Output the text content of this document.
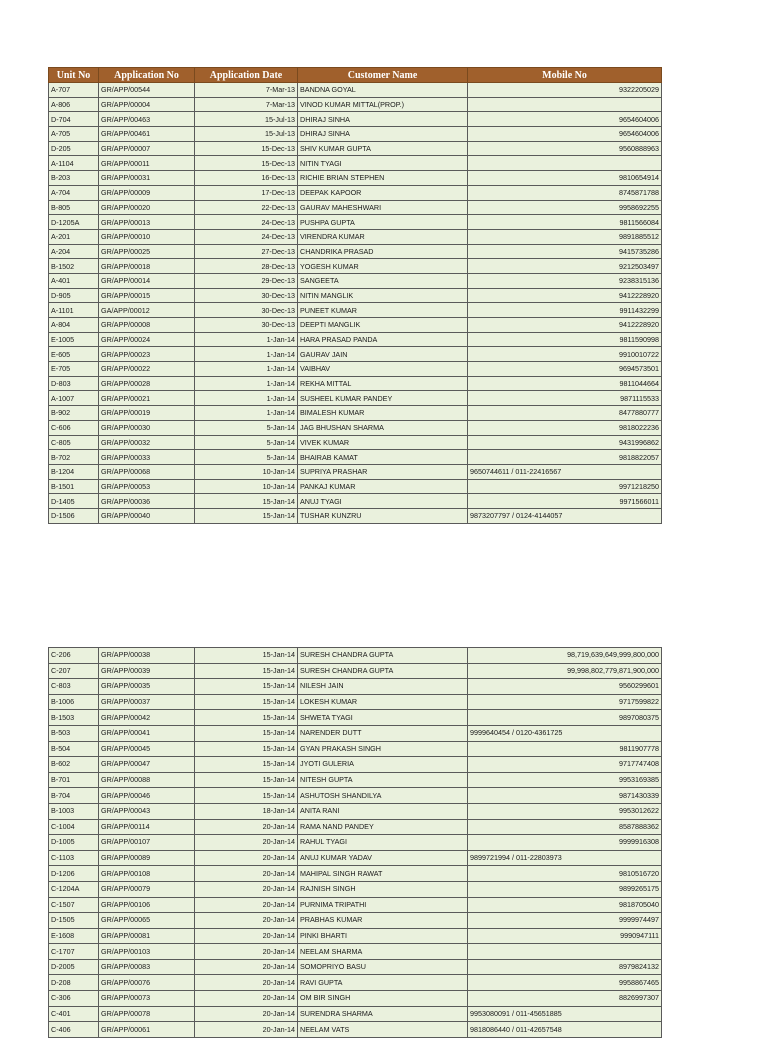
Unit No	Application No	Application Date	Customer Name	Mobile No
A-707	GR/APP/00544	7-Mar-13	BANDNA GOYAL	9322205029
A-806	GR/APP/00004	7-Mar-13	VINOD KUMAR MITTAL(PROP.)	
D-704	GR/APP/00463	15-Jul-13	DHIRAJ SINHA	9654604006
A-705	GR/APP/00461	15-Jul-13	DHIRAJ SINHA	9654604006
D-205	GR/APP/00007	15-Dec-13	SHIV KUMAR GUPTA	9560888963
A-1104	GR/APP/00011	15-Dec-13	NITIN TYAGI	
B-203	GR/APP/00031	16-Dec-13	RICHIE BRIAN STEPHEN	9810654914
A-704	GR/APP/00009	17-Dec-13	DEEPAK KAPOOR	8745871788
B-805	GR/APP/00020	22-Dec-13	GAURAV MAHESHWARI	9958692255
D-1205A	GR/APP/00013	24-Dec-13	PUSHPA GUPTA	9811566084
A-201	GR/APP/00010	24-Dec-13	VIRENDRA KUMAR	9891885512
A-204	GR/APP/00025	27-Dec-13	CHANDRIKA PRASAD	9415735286
B-1502	GR/APP/00018	28-Dec-13	YOGESH KUMAR	9212503497
A-401	GR/APP/00014	29-Dec-13	SANGEETA	9238315136
D-905	GR/APP/00015	30-Dec-13	NITIN MANGLIK	9412228920
A-1101	GA/APP/00012	30-Dec-13	PUNEET KUMAR	9911432299
A-804	GR/APP/00008	30-Dec-13	DEEPTI MANGLIK	9412228920
E-1005	GR/APP/00024	1-Jan-14	HARA PRASAD PANDA	9811590998
E-605	GR/APP/00023	1-Jan-14	GAURAV JAIN	9910010722
E-705	GR/APP/00022	1-Jan-14	VAIBHAV	9694573501
D-803	GR/APP/00028	1-Jan-14	REKHA MITTAL	9811044664
A-1007	GR/APP/00021	1-Jan-14	SUSHEEL KUMAR PANDEY	9871115533
B-902	GR/APP/00019	1-Jan-14	BIMALESH KUMAR	8477880777
C-606	GR/APP/00030	5-Jan-14	JAG BHUSHAN SHARMA	9818022236
C-805	GR/APP/00032	5-Jan-14	VIVEK KUMAR	9431996862
B-702	GR/APP/00033	5-Jan-14	BHAIRAB KAMAT	9818822057
B-1204	GR/APP/00068	10-Jan-14	SUPRIYA PRASHAR	9650744611 / 011-22416567
B-1501	GR/APP/00053	10-Jan-14	PANKAJ KUMAR	9971218250
D-1405	GR/APP/00036	15-Jan-14	ANUJ TYAGI	9971566011
D-1506	GR/APP/00040	15-Jan-14	TUSHAR KUNZRU	9873207797 / 0124-4144057
C-206	GR/APP/00038	15-Jan-14	SURESH CHANDRA GUPTA	98,719,639,649,999,800,000
C-207	GR/APP/00039	15-Jan-14	SURESH CHANDRA GUPTA	99,998,802,779,871,900,000
C-803	GR/APP/00035	15-Jan-14	NILESH JAIN	9560299601
B-1006	GR/APP/00037	15-Jan-14	LOKESH KUMAR	9717599822
B-1503	GR/APP/00042	15-Jan-14	SHWETA TYAGI	9897080375
B-503	GR/APP/00041	15-Jan-14	NARENDER DUTT	9999640454 / 0120-4361725
B-504	GR/APP/00045	15-Jan-14	GYAN PRAKASH SINGH	9811907778
B-602	GR/APP/00047	15-Jan-14	JYOTI GULERIA	9717747408
B-701	GR/APP/00088	15-Jan-14	NITESH GUPTA	9953169385
B-704	GR/APP/00046	15-Jan-14	ASHUTOSH SHANDILYA	9871430339
B-1003	GR/APP/00043	18-Jan-14	ANITA RANI	9953012622
C-1004	GR/APP/00114	20-Jan-14	RAMA NAND PANDEY	8587888362
D-1005	GR/APP/00107	20-Jan-14	RAHUL TYAGI	9999916308
C-1103	GR/APP/00089	20-Jan-14	ANUJ KUMAR YADAV	9899721994 / 011-22803973
D-1206	GR/APP/00108	20-Jan-14	MAHIPAL SINGH RAWAT	9810516720
C-1204A	GR/APP/00079	20-Jan-14	RAJNISH SINGH	9899265175
C-1507	GR/APP/00106	20-Jan-14	PURNIMA TRIPATHI	9818705040
D-1505	GR/APP/00065	20-Jan-14	PRABHAS KUMAR	9999974497
E-1608	GR/APP/00081	20-Jan-14	PINKI BHARTI	9990947111
C-1707	GR/APP/00103	20-Jan-14	NEELAM SHARMA	
D-2005	GR/APP/00083	20-Jan-14	SOMOPRIYO BASU	8979824132
D-208	GR/APP/00076	20-Jan-14	RAVI GUPTA	9958867465
C-306	GR/APP/00073	20-Jan-14	OM BIR SINGH	8826997307
C-401	GR/APP/00078	20-Jan-14	SURENDRA SHARMA	9953080091 / 011-45651885
C-406	GR/APP/00061	20-Jan-14	NEELAM VATS	9818086440 / 011-42657548
